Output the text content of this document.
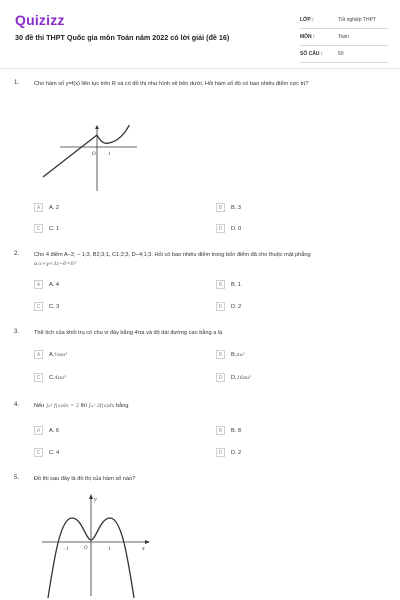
Quizizz
30 đề thi THPT Quốc gia môn Toán năm 2022 có lời giải (đề 16)
LỚP :	Tốt nghiệp THPT
MÔN :	Toán
SỐ CÂU :	50
1.	Cho hàm số y=f(x) liên tục trên R và có đồ thị như hình vẽ bên dưới. Hỏi hàm số đó có bao nhiêu điểm cực trị?
O 1
A	A. 2	B	B. 3
C	C. 1	D	D. 0
2.	Cho 4 điểm A−2; − 1;3, B2;3;1, C1;2;3, D−4;1;3. Hỏi có bao nhiêu điểm trong bốn điểm đã cho thuộc mặt phẳng
α:x+y+3z−6=0?
A	A. 4	B	B. 1
C	C. 3	D	D. 2
3.	Thể tích của khối trụ có chu vi đáy bằng 4πa và độ dài đường cao bằng a là
A	A. ⁴⁄₃πa³	B	B. πa²
C	C. 4πa³	D	D. 16πa³
4.	Nếu ∫₀¹ f(x)dx = 2 thì ∫₀¹ 3f(x)dx bằng
A	A. 6	B	B. 8
C	C. 4	D	D. 2
5.	Đồ thị sau đây là đồ thị của hàm số nào?
y
O
−1	1	x
